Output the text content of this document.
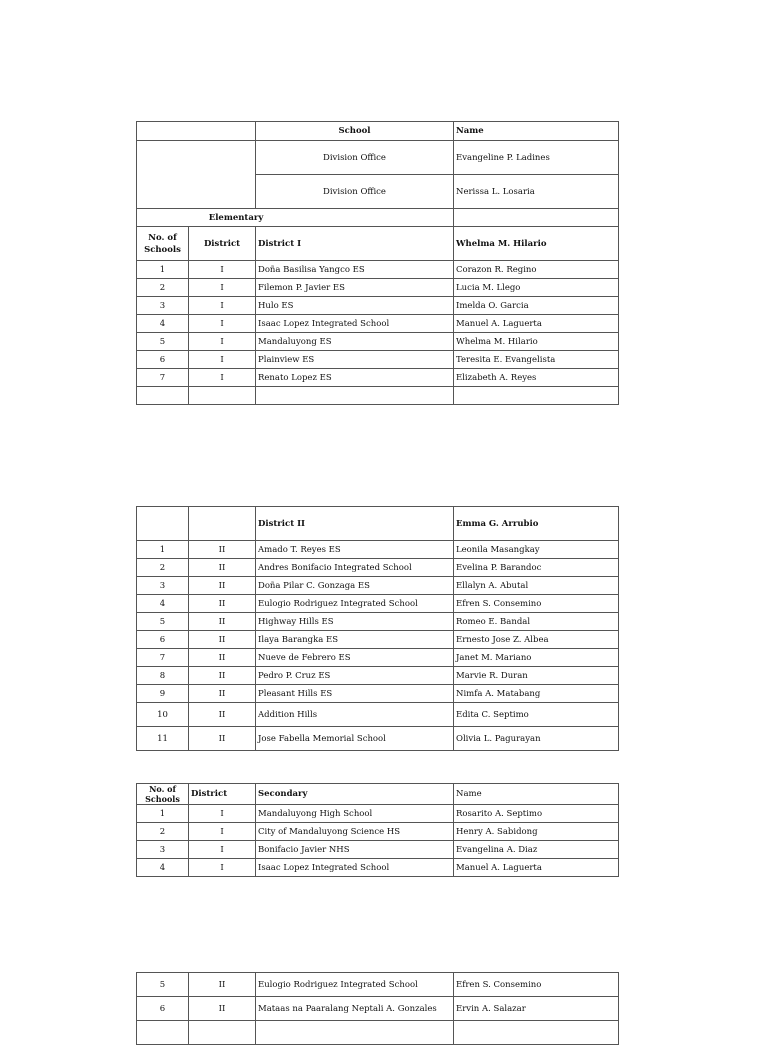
		School	Name
		Division Office	Evangeline P. Ladines
		Division Office	Nerissa L. Losaria
Elementary			
No. of Schools	District	District I	Whelma M. Hilario
1	I	Doña Basilisa Yangco ES	Corazon R. Regino
2	I	Filemon P. Javier ES	Lucia M. Llego
3	I	Hulo ES	Imelda O. Garcia
4	I	Isaac Lopez Integrated School	Manuel A. Laguerta
5	I	Mandaluyong ES	Whelma M. Hilario
6	I	Plainview ES	Teresita E. Evangelista
7	I	Renato Lopez ES	Elizabeth A. Reyes

		District II	Emma G. Arrubio
1	II	Amado T. Reyes ES	Leonila Masangkay
2	II	Andres Bonifacio Integrated School	Evelina P. Barandoc
3	II	Doña Pilar C. Gonzaga ES	Ellalyn A. Abutal
4	II	Eulogio Rodriguez Integrated School	Efren S. Consemino
5	II	Highway Hills ES	Romeo E. Bandal
6	II	Ilaya Barangka ES	Ernesto Jose Z. Albea
7	II	Nueve de Febrero ES	Janet M. Mariano
8	II	Pedro P. Cruz ES	Marvie R. Duran
9	II	Pleasant Hills ES	Nimfa A. Matabang
10	II	Addition Hills	Edita C. Septimo
11	II	Jose Fabella Memorial School	Olivia L. Pagurayan
No. of Schools	District	Secondary	Name
1	I	Mandaluyong High School	Rosarito A. Septimo
2	I	City of Mandaluyong Science HS	Henry A. Sabidong
3	I	Bonifacio Javier NHS	Evangelina A. Diaz
4	I	Isaac Lopez Integrated School	Manuel A. Laguerta
5	II	Eulogio Rodriguez Integrated School	Efren S. Consemino
6	II	Mataas na Paaralang Neptali A. Gonzales	Ervin A. Salazar
